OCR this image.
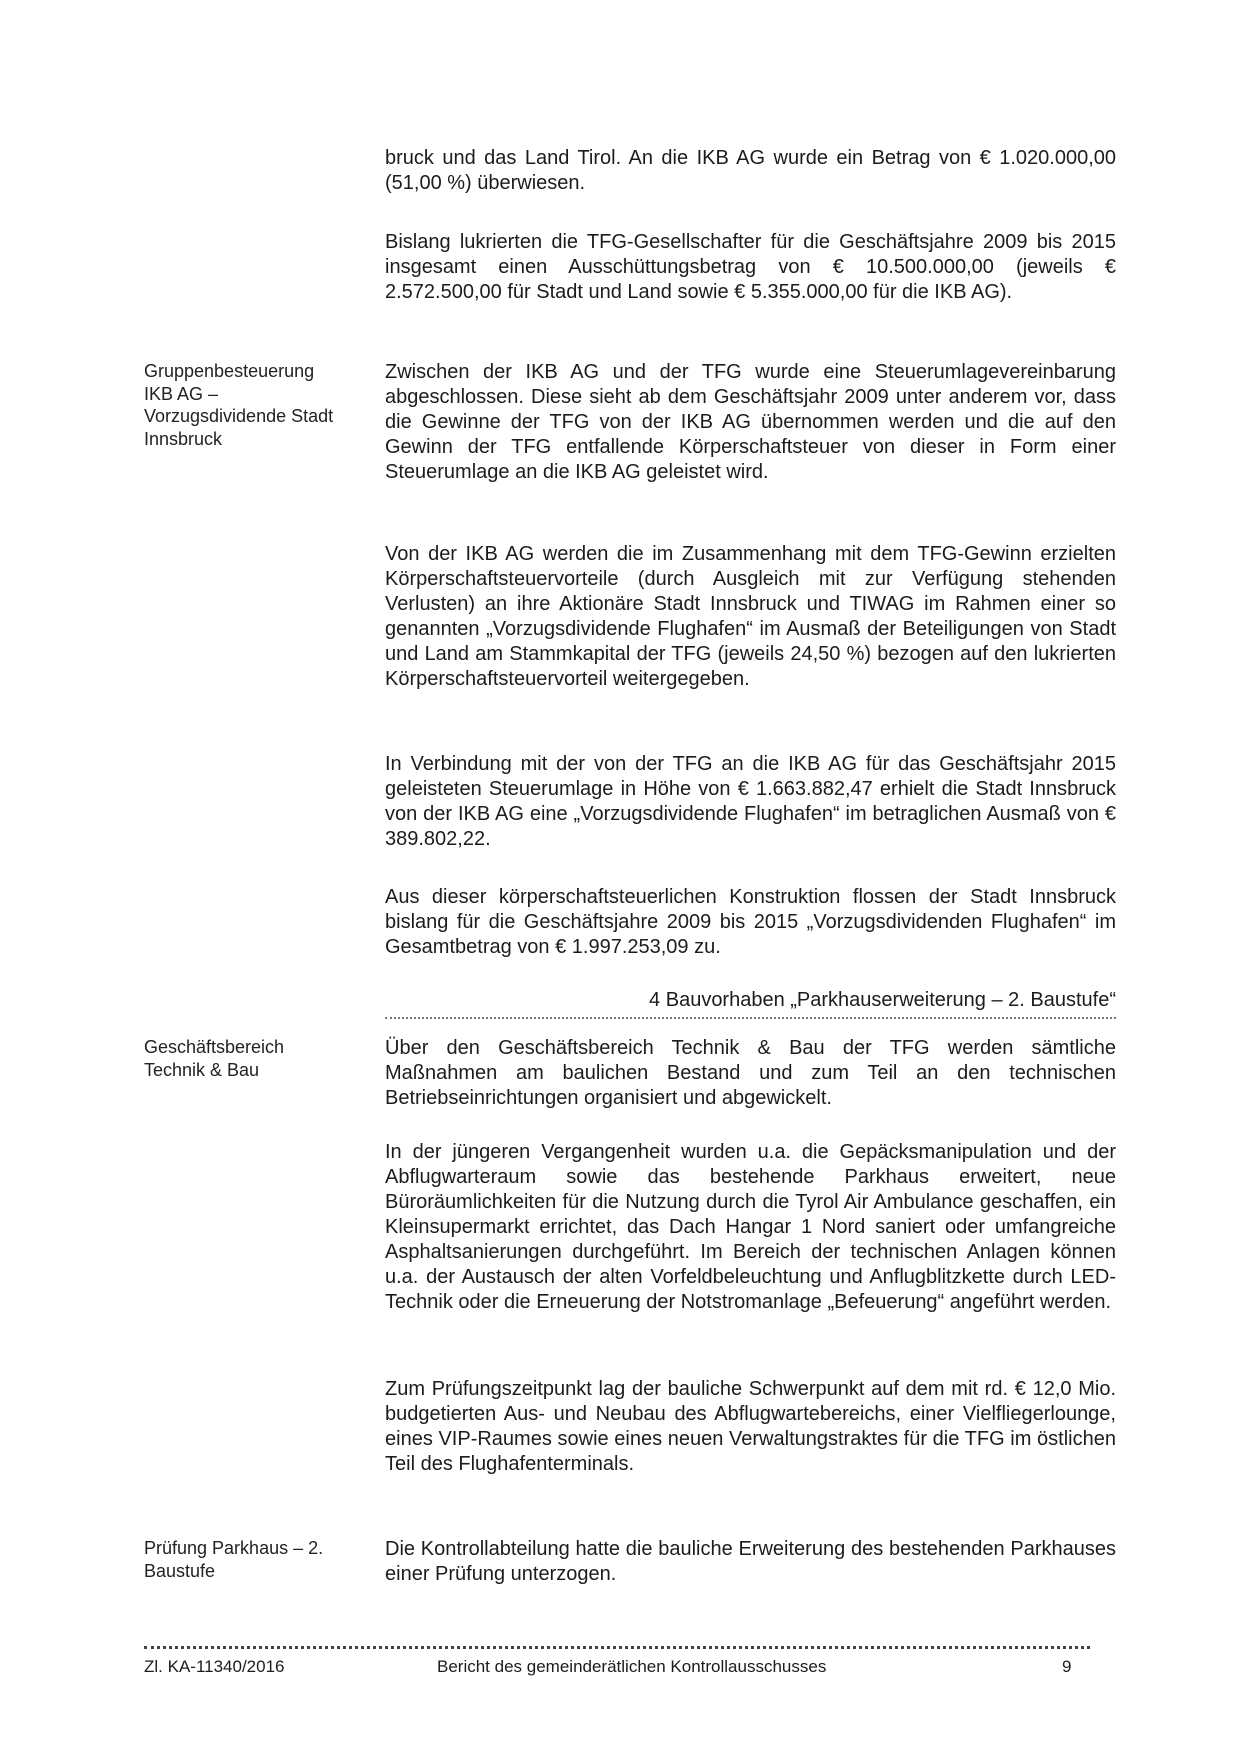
bruck und das Land Tirol. An die IKB AG wurde ein Betrag von € 1.020.000,00 (51,00 %) überwiesen.

Bislang lukrierten die TFG-Gesellschafter für die Geschäftsjahre 2009 bis 2015 insgesamt einen Ausschüttungsbetrag von € 10.500.000,00 (jeweils € 2.572.500,00 für Stadt und Land sowie € 5.355.000,00 für die IKB AG).

Gruppenbesteuerung IKB AG – Vorzugsdividende Stadt Innsbruck

Zwischen der IKB AG und der TFG wurde eine Steuerumlagevereinbarung abgeschlossen. Diese sieht ab dem Geschäftsjahr 2009 unter anderem vor, dass die Gewinne der TFG von der IKB AG übernommen werden und die auf den Gewinn der TFG entfallende Körperschaftsteuer von dieser in Form einer Steuerumlage an die IKB AG geleistet wird.

Von der IKB AG werden die im Zusammenhang mit dem TFG-Gewinn erzielten Körperschaftsteuervorteile (durch Ausgleich mit zur Verfügung stehenden Verlusten) an ihre Aktionäre Stadt Innsbruck und TIWAG im Rahmen einer so genannten „Vorzugsdividende Flughafen“ im Ausmaß der Beteiligungen von Stadt und Land am Stammkapital der TFG (jeweils 24,50 %) bezogen auf den lukrierten Körperschaftsteuervorteil weitergegeben.

In Verbindung mit der von der TFG an die IKB AG für das Geschäftsjahr 2015 geleisteten Steuerumlage in Höhe von € 1.663.882,47 erhielt die Stadt Innsbruck von der IKB AG eine „Vorzugsdividende Flughafen“ im betraglichen Ausmaß von € 389.802,22.

Aus dieser körperschaftsteuerlichen Konstruktion flossen der Stadt Innsbruck bislang für die Geschäftsjahre 2009 bis 2015 „Vorzugsdividenden Flughafen“ im Gesamtbetrag von € 1.997.253,09 zu.

4 Bauvorhaben „Parkhauserweiterung – 2. Baustufe“

Geschäftsbereich Technik & Bau

Über den Geschäftsbereich Technik & Bau der TFG werden sämtliche Maßnahmen am baulichen Bestand und zum Teil an den technischen Betriebseinrichtungen organisiert und abgewickelt.

In der jüngeren Vergangenheit wurden u.a. die Gepäcksmanipulation und der Abflugwarteraum sowie das bestehende Parkhaus erweitert, neue Büroräumlichkeiten für die Nutzung durch die Tyrol Air Ambulance geschaffen, ein Kleinsupermarkt errichtet, das Dach Hangar 1 Nord saniert oder umfangreiche Asphaltsanierungen durchgeführt. Im Bereich der technischen Anlagen können u.a. der Austausch der alten Vorfeldbeleuchtung und Anflugblitzkette durch LED-Technik oder die Erneuerung der Notstromanlage „Befeuerung“ angeführt werden.

Zum Prüfungszeitpunkt lag der bauliche Schwerpunkt auf dem mit rd. € 12,0 Mio. budgetierten Aus- und Neubau des Abflugwartebereichs, einer Vielfliegerlounge, eines VIP-Raumes sowie eines neuen Verwaltungstraktes für die TFG im östlichen Teil des Flughafenterminals.

Prüfung Parkhaus – 2. Baustufe

Die Kontrollabteilung hatte die bauliche Erweiterung des bestehenden Parkhauses einer Prüfung unterzogen.

Zl. KA-11340/2016	Bericht des gemeinderätlichen Kontrollausschusses	9
